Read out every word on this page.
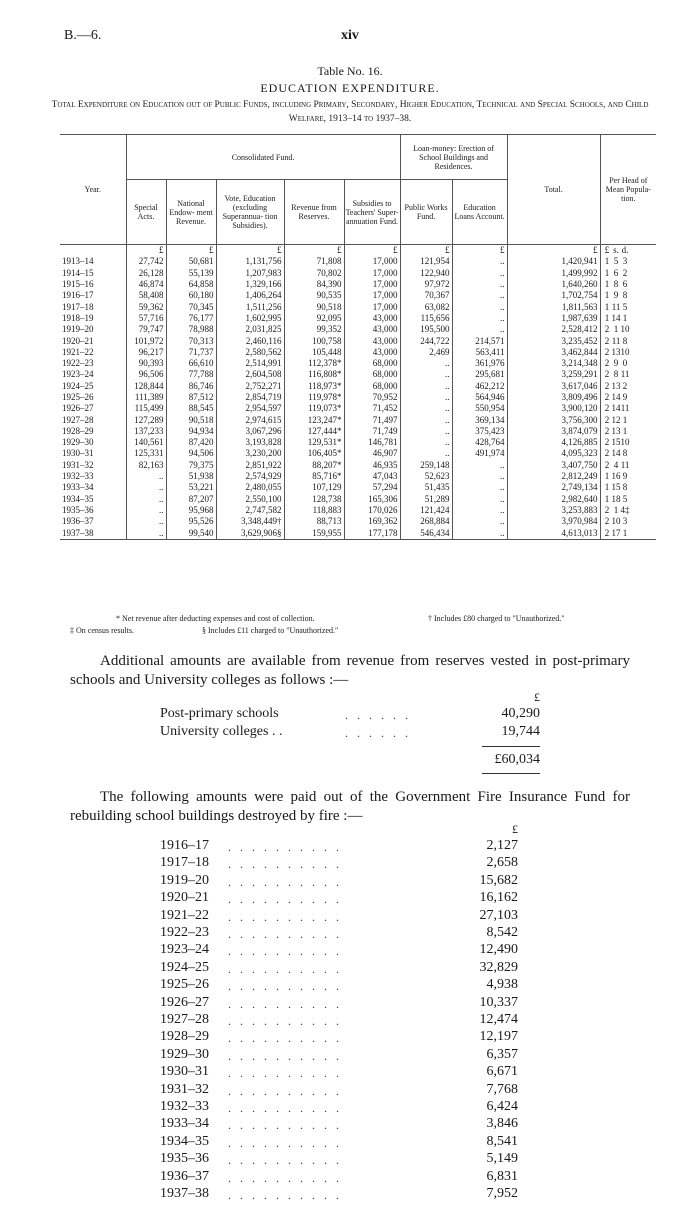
B.—6.	xiv
Table No. 16.
EDUCATION EXPENDITURE.
Total Expenditure on Education out of Public Funds, including Primary, Secondary, Higher Education, Technical and Special Schools, and Child Welfare, 1913–14 to 1937–38.
Year.	Consolidated Fund.					Loan-money: Erection of School Buildings and Residences.		Total.	Per Head of Mean Popula- tion.
	Special Acts.	National Endow- ment Revenue.	Vote, Education (excluding Superannua- tion Subsidies).	Revenue from Reserves.	Subsidies to Teachers' Super- annuation Fund.	Public Works Fund.	Education Loans Account.		
	£	£	£	£	£	£	£	£	£ s. d.
1913–14	27,742	50,681	1,131,756	71,808	17,000	121,954	..	1,420,941	1 5 3
1914–15	26,128	55,139	1,207,983	70,802	17,000	122,940	..	1,499,992	1 6 2
1915–16	46,874	64,858	1,329,166	84,390	17,000	97,972	..	1,640,260	1 8 6
1916–17	58,408	60,180	1,406,264	90,535	17,000	70,367	..	1,702,754	1 9 8
1917–18	59,362	70,345	1,511,256	90,518	17,000	63,082	..	1,811,563	1 11 5
1918–19	57,716	76,177	1,602,995	92,095	43,000	115,656	..	1,987,639	1 14 1
1919–20	79,747	78,988	2,031,825	99,352	43,000	195,500	..	2,528,412	2 1 10
1920–21	101,972	70,313	2,460,116	100,758	43,000	244,722	214,571	3,235,452	2 11 8
1921–22	96,217	71,737	2,580,562	105,448	43,000	2,469	563,411	3,462,844	2 1310
1922–23	90,393	66,610	2,514,991	112,378*	68,000	..	361,976	3,214,348	2 9 0
1923–24	96,506	77,788	2,604,508	116,808*	68,000	..	295,681	3,259,291	2 8 11
1924–25	128,844	86,746	2,752,271	118,973*	68,000	..	462,212	3,617,046	2 13 2
1925–26	111,389	87,512	2,854,719	119,978*	70,952	..	564,946	3,809,496	2 14 9
1926–27	115,499	88,545	2,954,597	119,073*	71,452	..	550,954	3,900,120	2 1411
1927–28	127,289	90,518	2,974,615	123,247*	71,497	..	369,134	3,756,300	2 12 1
1928–29	137,233	94,934	3,067,296	127,444*	71,749	..	375,423	3,874,079	2 13 1
1929–30	140,561	87,420	3,193,828	129,531*	146,781	..	428,764	4,126,885	2 1510
1930–31	125,331	94,506	3,230,200	106,405*	46,907	..	491,974	4,095,323	2 14 8
1931–32	82,163	79,375	2,851,922	88,207*	46,935	259,148	..	3,407,750	2 4 11
1932–33	..	51,938	2,574,929	85,716*	47,043	52,623	..	2,812,249	1 16 9
1933–34	..	53,221	2,480,055	107,129	57,294	51,435	..	2,749,134	1 15 8
1934–35	..	87,207	2,550,100	128,738	165,306	51,289	..	2,982,640	1 18 5
1935–36	..	95,968	2,747,582	118,883	170,026	121,424	..	3,253,883	2 1 4‡
1936–37	..	95,526	3,348,449†	88,713	169,362	268,884	..	3,970,984	2 10 3
1937–38	..	99,540	3,629,906§	159,955	177,178	546,434	..	4,613,013	2 17 1
* Net revenue after deducting expenses and cost of collection.	† Includes £80 charged to "Unauthorized."
‡ On census results.	§ Includes £11 charged to "Unauthorized."
Additional amounts are available from revenue from reserves vested in post-primary schools and University colleges as follows :—
£
Post-primary schools	. . . . . .	40,290
University colleges . .	. . . . . .	19,744
£60,034
The following amounts were paid out of the Government Fire Insurance Fund for rebuilding school buildings destroyed by fire :—
£
1916–17 . . . . . . . . . .	2,127
1917–18 . . . . . . . . . .	2,658
1919–20 . . . . . . . . . .	15,682
1920–21 . . . . . . . . . .	16,162
1921–22 . . . . . . . . . .	27,103
1922–23 . . . . . . . . . .	8,542
1923–24 . . . . . . . . . .	12,490
1924–25 . . . . . . . . . .	32,829
1925–26 . . . . . . . . . .	4,938
1926–27 . . . . . . . . . .	10,337
1927–28 . . . . . . . . . .	12,474
1928–29 . . . . . . . . . .	12,197
1929–30 . . . . . . . . . .	6,357
1930–31 . . . . . . . . . .	6,671
1931–32 . . . . . . . . . .	7,768
1932–33 . . . . . . . . . .	6,424
1933–34 . . . . . . . . . .	3,846
1934–35 . . . . . . . . . .	8,541
1935–36 . . . . . . . . . .	5,149
1936–37 . . . . . . . . . .	6,831
1937–38 . . . . . . . . . .	7,952
